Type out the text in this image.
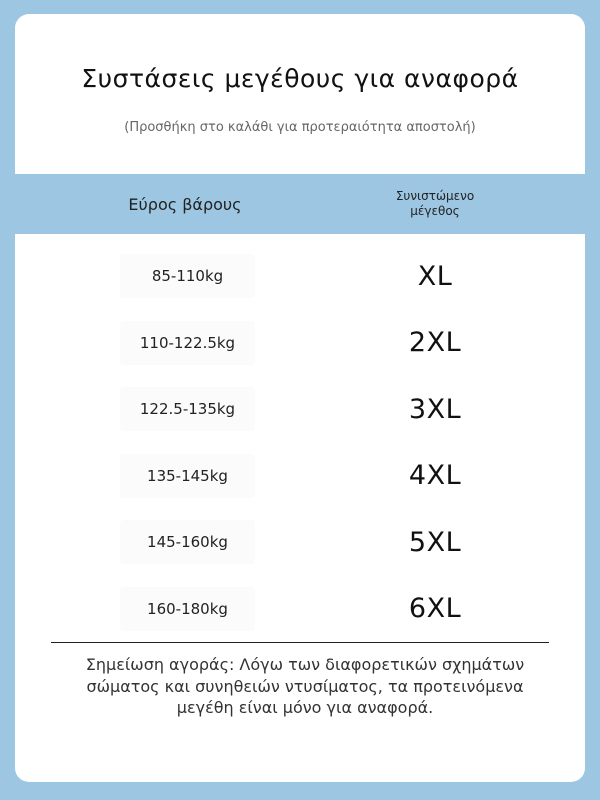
Συστάσεις μεγέθους για αναφορά
(Προσθήκη στο καλάθι για προτεραιότητα αποστολή)
Εύρος βάρους	Συνιστώμενο
μέγεθος
85-110kg	XL
110-122.5kg	2XL
122.5-135kg	3XL
135-145kg	4XL
145-160kg	5XL
160-180kg	6XL
Σημείωση αγοράς: Λόγω των διαφορετικών σχημάτων
σώματος και συνηθειών ντυσίματος, τα προτεινόμενα
μεγέθη είναι μόνο για αναφορά.
